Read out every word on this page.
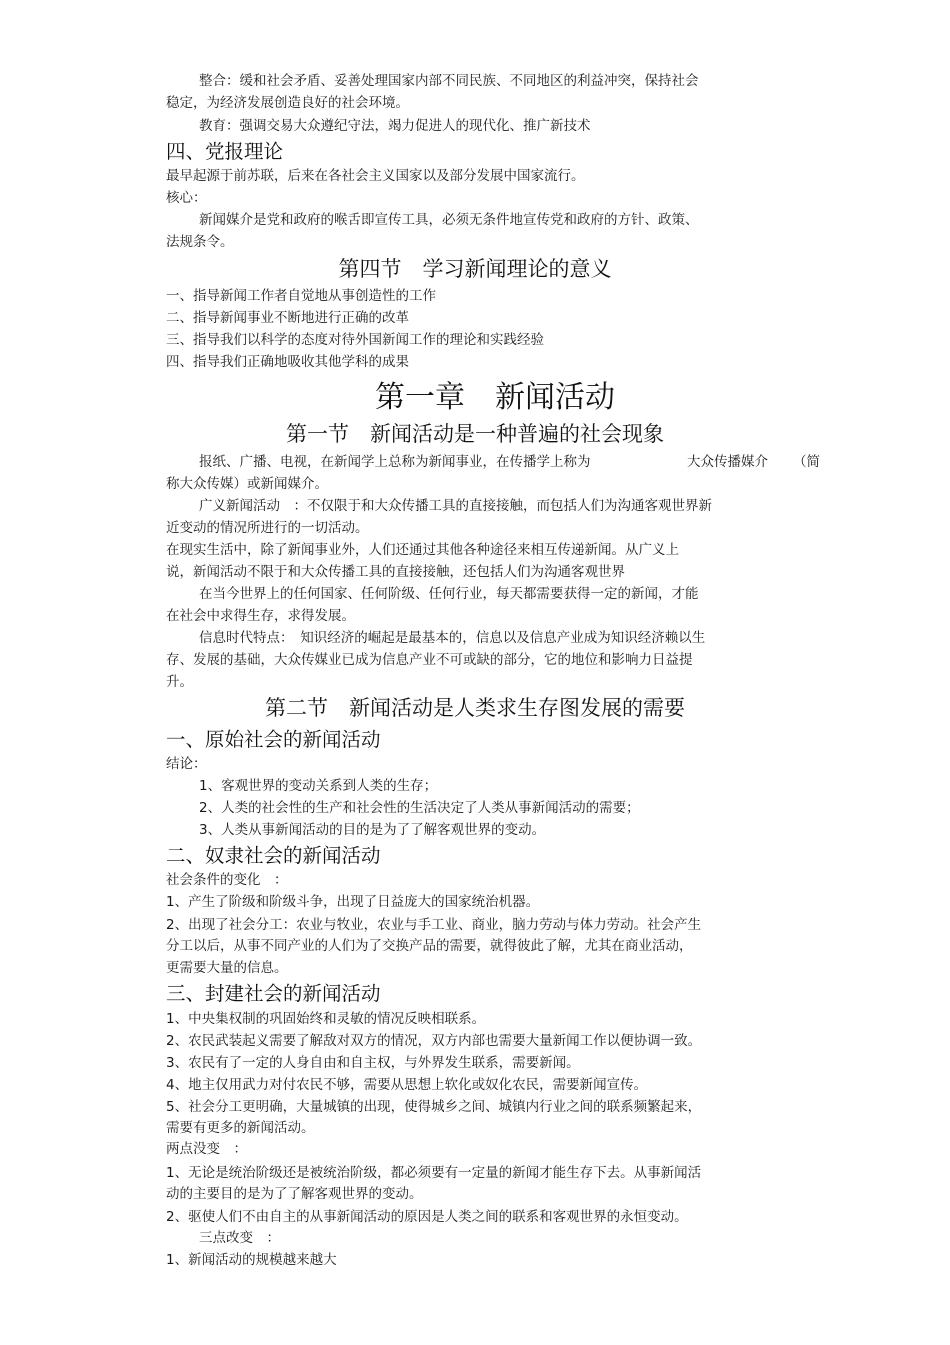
整合：缓和社会矛盾、妥善处理国家内部不同民族、不同地区的利益冲突，保持社会
稳定，为经济发展创造良好的社会环境。
教育：强调交易大众遵纪守法，竭力促进人的现代化、推广新技术
四、党报理论
最早起源于前苏联，后来在各社会主义国家以及部分发展中国家流行。
核心：
新闻媒介是党和政府的喉舌即宣传工具，必须无条件地宣传党和政府的方针、政策、
法规条令。
第四节　学习新闻理论的意义
一、指导新闻工作者自觉地从事创造性的工作
二、指导新闻事业不断地进行正确的改革
三、指导我们以科学的态度对待外国新闻工作的理论和实践经验
四、指导我们正确地吸收其他学科的成果
第一章　新闻活动
第一节　新闻活动是一种普遍的社会现象
报纸、广播、电视，在新闻学上总称为新闻事业，在传播学上称为	大众传播媒介 （简
称大众传媒）或新闻媒介。
广义新闻活动　：不仅限于和大众传播工具的直接接触，而包括人们为沟通客观世界新
近变动的情况所进行的一切活动。
在现实生活中，除了新闻事业外，人们还通过其他各种途径来相互传递新闻。从广义上
说，新闻活动不限于和大众传播工具的直接接触，还包括人们为沟通客观世界
在当今世界上的任何国家、任何阶级、任何行业，每天都需要获得一定的新闻，才能
在社会中求得生存，求得发展。
信息时代特点：　知识经济的崛起是最基本的，信息以及信息产业成为知识经济赖以生
存、发展的基础，大众传媒业已成为信息产业不可或缺的部分，它的地位和影响力日益提
升。
第二节　新闻活动是人类求生存图发展的需要
一、原始社会的新闻活动
结论：
1、客观世界的变动关系到人类的生存；
2、人类的社会性的生产和社会性的生活决定了人类从事新闻活动的需要；
3、人类从事新闻活动的目的是为了了解客观世界的变动。
二、奴隶社会的新闻活动
社会条件的变化　：
1、产生了阶级和阶级斗争，出现了日益庞大的国家统治机器。
2、出现了社会分工：农业与牧业，农业与手工业、商业，脑力劳动与体力劳动。社会产生
分工以后，从事不同产业的人们为了交换产品的需要，就得彼此了解，尤其在商业活动，
更需要大量的信息。
三、封建社会的新闻活动
1、中央集权制的巩固始终和灵敏的情况反映相联系。
2、农民武装起义需要了解敌对双方的情况，双方内部也需要大量新闻工作以便协调一致。
3、农民有了一定的人身自由和自主权，与外界发生联系，需要新闻。
4、地主仅用武力对付农民不够，需要从思想上软化或奴化农民，需要新闻宣传。
5、社会分工更明确，大量城镇的出现，使得城乡之间、城镇内行业之间的联系频繁起来，
需要有更多的新闻活动。
两点没变　：
1、无论是统治阶级还是被统治阶级，都必须要有一定量的新闻才能生存下去。从事新闻活
动的主要目的是为了了解客观世界的变动。
2、驱使人们不由自主的从事新闻活动的原因是人类之间的联系和客观世界的永恒变动。
三点改变　：
1、新闻活动的规模越来越大
